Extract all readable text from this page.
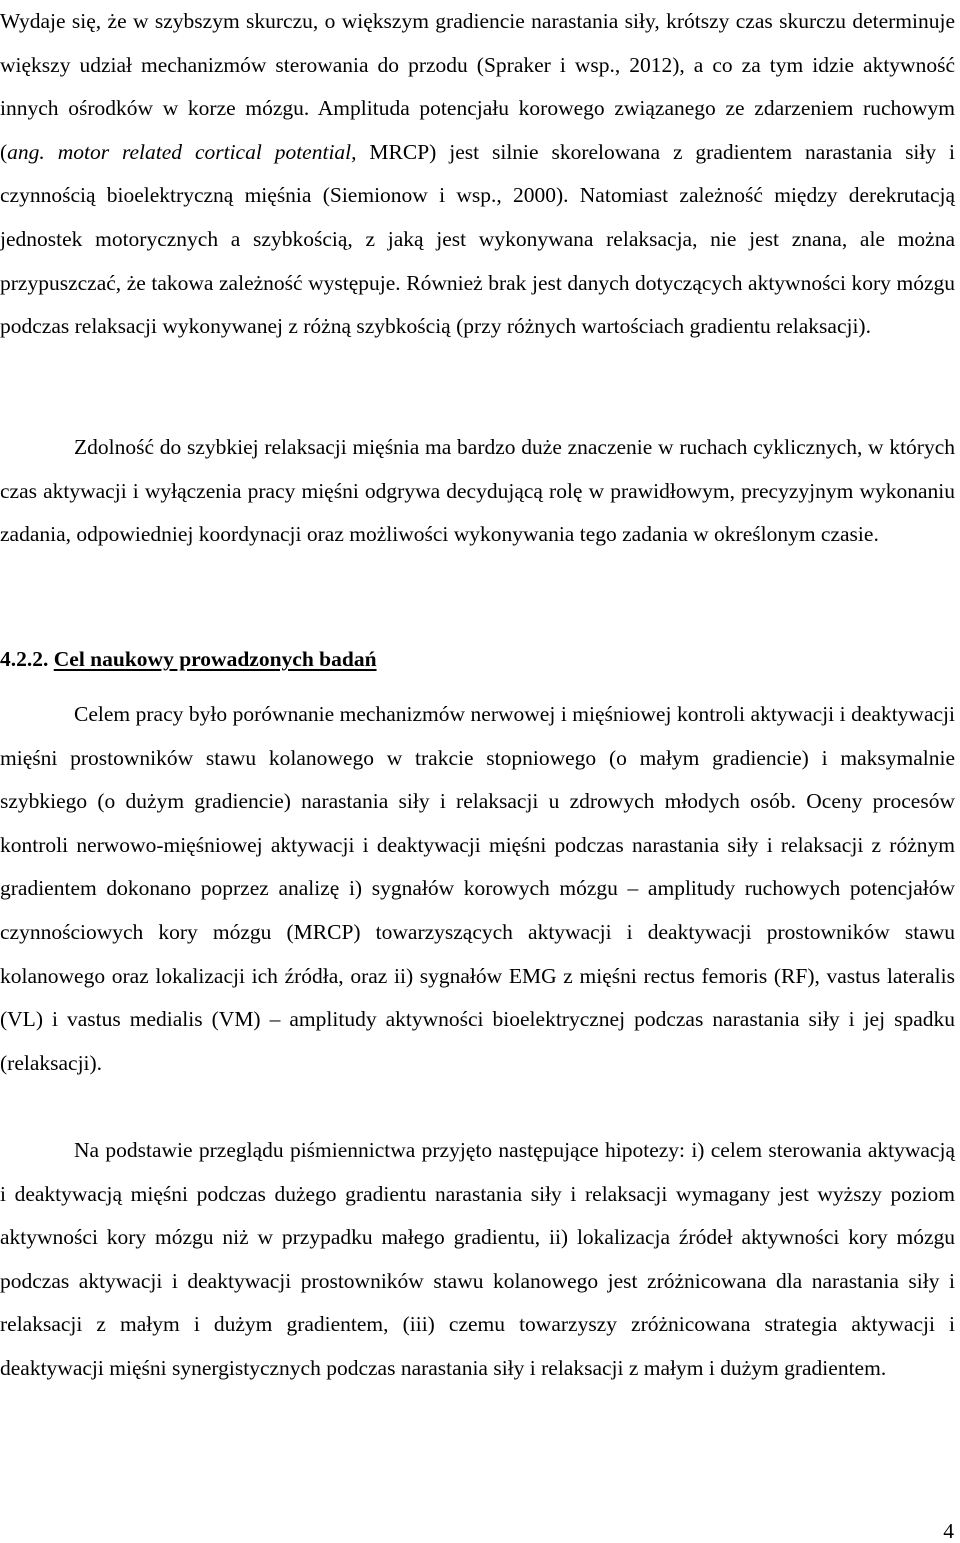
Wydaje się, że w szybszym skurczu, o większym gradiencie narastania siły, krótszy czas skurczu determinuje większy udział mechanizmów sterowania do przodu (Spraker i wsp., 2012), a co za tym idzie aktywność innych ośrodków w korze mózgu. Amplituda potencjału korowego związanego ze zdarzeniem ruchowym (ang. motor related cortical potential, MRCP) jest silnie skorelowana z gradientem narastania siły i czynnością bioelektryczną mięśnia (Siemionow i wsp., 2000). Natomiast zależność między derekrutacją jednostek motorycznych a szybkością, z jaką jest wykonywana relaksacja, nie jest znana, ale można przypuszczać, że takowa zależność występuje. Również brak jest danych dotyczących aktywności kory mózgu podczas relaksacji wykonywanej z różną szybkością (przy różnych wartościach gradientu relaksacji).

Zdolność do szybkiej relaksacji mięśnia ma bardzo duże znaczenie w ruchach cyklicznych, w których czas aktywacji i wyłączenia pracy mięśni odgrywa decydującą rolę w prawidłowym, precyzyjnym wykonaniu zadania, odpowiedniej koordynacji oraz możliwości wykonywania tego zadania w określonym czasie.

4.2.2. Cel naukowy prowadzonych badań

Celem pracy było porównanie mechanizmów nerwowej i mięśniowej kontroli aktywacji i deaktywacji mięśni prostowników stawu kolanowego w trakcie stopniowego (o małym gradiencie) i maksymalnie szybkiego (o dużym gradiencie) narastania siły i relaksacji u zdrowych młodych osób. Oceny procesów kontroli nerwowo-mięśniowej aktywacji i deaktywacji mięśni podczas narastania siły i relaksacji z różnym gradientem dokonano poprzez analizę i) sygnałów korowych mózgu – amplitudy ruchowych potencjałów czynnościowych kory mózgu (MRCP) towarzyszących aktywacji i deaktywacji prostowników stawu kolanowego oraz lokalizacji ich źródła, oraz ii) sygnałów EMG z mięśni rectus femoris (RF), vastus lateralis (VL) i vastus medialis (VM) – amplitudy aktywności bioelektrycznej podczas narastania siły i jej spadku (relaksacji).

Na podstawie przeglądu piśmiennictwa przyjęto następujące hipotezy: i) celem sterowania aktywacją i deaktywacją mięśni podczas dużego gradientu narastania siły i relaksacji wymagany jest wyższy poziom aktywności kory mózgu niż w przypadku małego gradientu, ii) lokalizacja źródeł aktywności kory mózgu podczas aktywacji i deaktywacji prostowników stawu kolanowego jest zróżnicowana dla narastania siły i relaksacji z małym i dużym gradientem, (iii) czemu towarzyszy zróżnicowana strategia aktywacji i deaktywacji mięśni synergistycznych podczas narastania siły i relaksacji z małym i dużym gradientem.

4
